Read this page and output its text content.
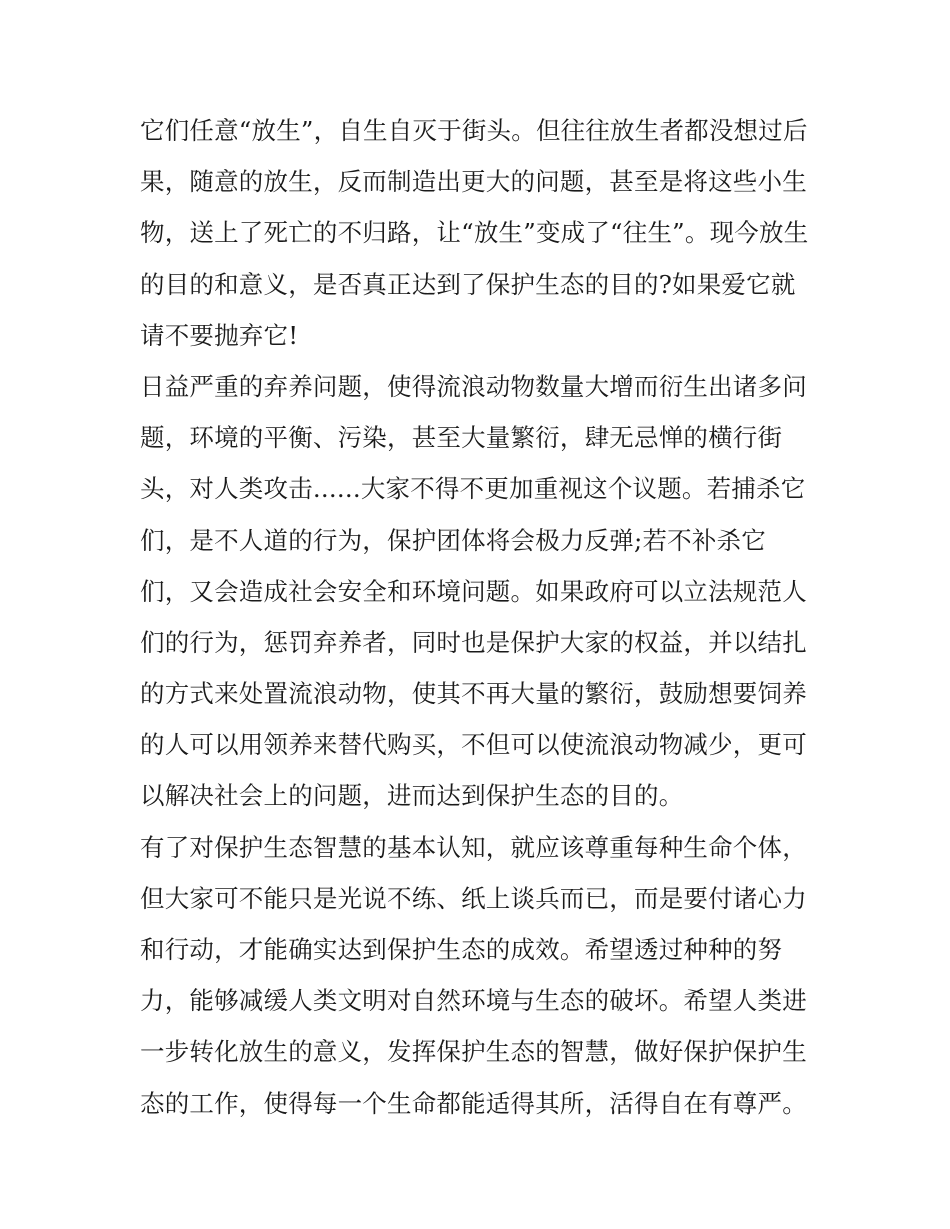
它们任意“放生”，自生自灭于街头。但往往放生者都没想过后
果，随意的放生，反而制造出更大的问题，甚至是将这些小生
物，送上了死亡的不归路，让“放生”变成了“往生”。现今放生
的目的和意义，是否真正达到了保护生态的目的?如果爱它就
请不要抛弃它!
日益严重的弃养问题，使得流浪动物数量大增而衍生出诸多问
题，环境的平衡、污染，甚至大量繁衍，肆无忌惮的横行街
头，对人类攻击......大家不得不更加重视这个议题。若捕杀它
们，是不人道的行为，保护团体将会极力反弹;若不补杀它
们，又会造成社会安全和环境问题。如果政府可以立法规范人
们的行为，惩罚弃养者，同时也是保护大家的权益，并以结扎
的方式来处置流浪动物，使其不再大量的繁衍，鼓励想要饲养
的人可以用领养来替代购买，不但可以使流浪动物减少，更可
以解决社会上的问题，进而达到保护生态的目的。
有了对保护生态智慧的基本认知，就应该尊重每种生命个体，
但大家可不能只是光说不练、纸上谈兵而已，而是要付诸心力
和行动，才能确实达到保护生态的成效。希望透过种种的努
力，能够减缓人类文明对自然环境与生态的破坏。希望人类进
一步转化放生的意义，发挥保护生态的智慧，做好保护保护生
态的工作，使得每一个生命都能适得其所，活得自在有尊严。
